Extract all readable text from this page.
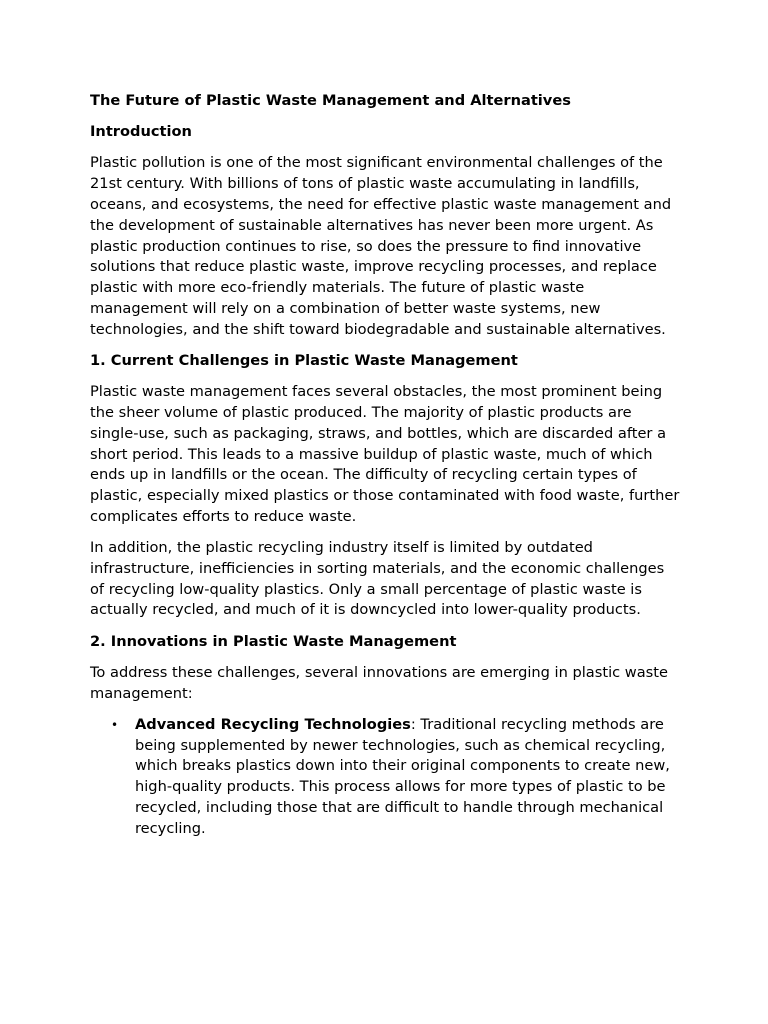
The Future of Plastic Waste Management and Alternatives
Introduction

Plastic pollution is one of the most significant environmental challenges of the 21st century. With billions of tons of plastic waste accumulating in landfills, oceans, and ecosystems, the need for effective plastic waste management and the development of sustainable alternatives has never been more urgent. As plastic production continues to rise, so does the pressure to find innovative solutions that reduce plastic waste, improve recycling processes, and replace plastic with more eco-friendly materials. The future of plastic waste management will rely on a combination of better waste systems, new technologies, and the shift toward biodegradable and sustainable alternatives.

1. Current Challenges in Plastic Waste Management

Plastic waste management faces several obstacles, the most prominent being the sheer volume of plastic produced. The majority of plastic products are single-use, such as packaging, straws, and bottles, which are discarded after a short period. This leads to a massive buildup of plastic waste, much of which ends up in landfills or the ocean. The difficulty of recycling certain types of plastic, especially mixed plastics or those contaminated with food waste, further complicates efforts to reduce waste.

In addition, the plastic recycling industry itself is limited by outdated infrastructure, inefficiencies in sorting materials, and the economic challenges of recycling low-quality plastics. Only a small percentage of plastic waste is actually recycled, and much of it is downcycled into lower-quality products.

2. Innovations in Plastic Waste Management

To address these challenges, several innovations are emerging in plastic waste management:

• Advanced Recycling Technologies: Traditional recycling methods are being supplemented by newer technologies, such as chemical recycling, which breaks plastics down into their original components to create new, high-quality products. This process allows for more types of plastic to be recycled, including those that are difficult to handle through mechanical recycling.
